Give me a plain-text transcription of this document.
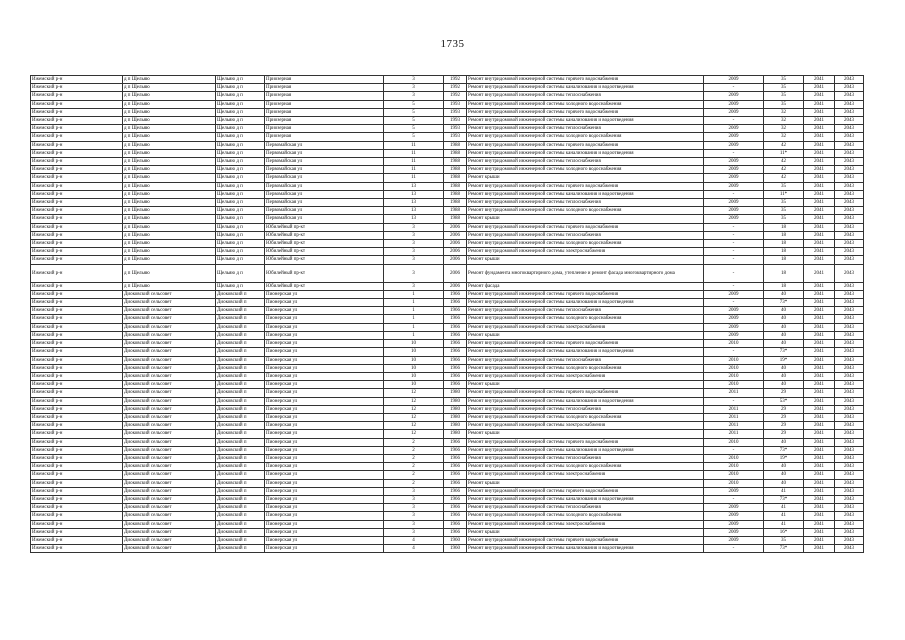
1735
Ижемский р-н	д п Щельяю	Щельяю д п	Приозерная	3	1992	Ремонт внутридомовой инженерной системы горячего водоснабжения	2009	35	2041	2043
Ижемский р-н	д п Щельяю	Щельяю д п	Приозерная	3	1992	Ремонт внутридомовой инженерной системы канализования и водоотведения	-	35	2041	2043
Ижемский р-н	д п Щельяю	Щельяю д п	Приозерная	3	1992	Ремонт внутридомовой инженерной системы теплоснабжения	2009	35	2041	2043
Ижемский р-н	д п Щельяю	Щельяю д п	Приозерная	5	1993	Ремонт внутридомовой инженерной системы холодного водоснабжения	2009	35	2041	2043
Ижемский р-н	д п Щельяю	Щельяю д п	Приозерная	5	1993	Ремонт внутридомовой инженерной системы горячего водоснабжения	2009	32	2041	2043
Ижемский р-н	д п Щельяю	Щельяю д п	Приозерная	5	1993	Ремонт внутридомовой инженерной системы канализования и водоотведения	-	32	2041	2043
Ижемский р-н	д п Щельяю	Щельяю д п	Приозерная	5	1993	Ремонт внутридомовой инженерной системы теплоснабжения	2009	32	2041	2043
Ижемский р-н	д п Щельяю	Щельяю д п	Приозерная	5	1993	Ремонт внутридомовой инженерной системы холодного водоснабжения	2009	32	2041	2043
Ижемский р-н	д п Щельяю	Щельяю д п	Первомайская ул	11	1988	Ремонт внутридомовой инженерной системы горячего водоснабжения	2009	42	2041	2043
Ижемский р-н	д п Щельяю	Щельяю д п	Первомайская ул	11	1988	Ремонт внутридомовой инженерной системы канализования и водоотведения	-	11*	2041	2043
Ижемский р-н	д п Щельяю	Щельяю д п	Первомайская ул	11	1988	Ремонт внутридомовой инженерной системы теплоснабжения	2009	42	2041	2043
Ижемский р-н	д п Щельяю	Щельяю д п	Первомайская ул	11	1988	Ремонт внутридомовой инженерной системы холодного водоснабжения	2009	42	2041	2043
Ижемский р-н	д п Щельяю	Щельяю д п	Первомайская ул	11	1988	Ремонт крыши	2009	42	2041	2043
Ижемский р-н	д п Щельяю	Щельяю д п	Первомайская ул	13	1988	Ремонт внутридомовой инженерной системы горячего водоснабжения	2009	35	2041	2043
Ижемский р-н	д п Щельяю	Щельяю д п	Первомайская ул	13	1988	Ремонт внутридомовой инженерной системы канализования и водоотведения	-	11*	2041	2043
Ижемский р-н	д п Щельяю	Щельяю д п	Первомайская ул	13	1988	Ремонт внутридомовой инженерной системы теплоснабжения	2009	35	2041	2043
Ижемский р-н	д п Щельяю	Щельяю д п	Первомайская ул	13	1988	Ремонт внутридомовой инженерной системы холодного водоснабжения	2009	35	2041	2043
Ижемский р-н	д п Щельяю	Щельяю д п	Первомайская ул	13	1988	Ремонт крыши	2009	35	2041	2043
Ижемский р-н	д п Щельяю	Щельяю д п	Юбилейный пр-кт	3	2006	Ремонт внутридомовой инженерной системы горячего водоснабжения	-	18	2041	2043
Ижемский р-н	д п Щельяю	Щельяю д п	Юбилейный пр-кт	3	2006	Ремонт внутридомовой инженерной системы теплоснабжения	-	18	2041	2043
Ижемский р-н	д п Щельяю	Щельяю д п	Юбилейный пр-кт	3	2006	Ремонт внутридомовой инженерной системы холодного водоснабжения	-	18	2041	2043
Ижемский р-н	д п Щельяю	Щельяю д п	Юбилейный пр-кт	3	2006	Ремонт внутридомовой инженерной системы электроснабжения	-	18	2041	2043
Ижемский р-н	д п Щельяю	Щельяю д п	Юбилейный пр-кт	3	2006	Ремонт крыши	-	18	2041	2043
Ижемский р-н	д п Щельяю	Щельяю д п	Юбилейный пр-кт	3	2006	Ремонт фундамента многоквартирного дома, утепление и ремонт фасада многоквартирного дома	-	18	2041	2043
Ижемский р-н	д п Щельяю	Щельяю д п	Юбилейный пр-кт	3	2006	Ремонт фасада	-	18	2041	2043
Ижемский р-н	Диоковский сельсовет	Диоковский п	Пионерская ул	1	1966	Ремонт внутридомовой инженерной системы горячего водоснабжения	2009	40	2041	2043
Ижемский р-н	Диоковский сельсовет	Диоковский п	Пионерская ул	1	1966	Ремонт внутридомовой инженерной системы канализования и водоотведения	-	73*	2041	2043
Ижемский р-н	Диоковский сельсовет	Диоковский п	Пионерская ул	1	1966	Ремонт внутридомовой инженерной системы теплоснабжения	2009	40	2041	2043
Ижемский р-н	Диоковский сельсовет	Диоковский п	Пионерская ул	1	1966	Ремонт внутридомовой инженерной системы холодного водоснабжения	2009	40	2041	2043
Ижемский р-н	Диоковский сельсовет	Диоковский п	Пионерская ул	1	1966	Ремонт внутридомовой инженерной системы электроснабжения	2009	40	2041	2043
Ижемский р-н	Диоковский сельсовет	Диоковский п	Пионерская ул	1	1966	Ремонт крыши	2009	40	2041	2043
Ижемский р-н	Диоковский сельсовет	Диоковский п	Пионерская ул	10	1966	Ремонт внутридомовой инженерной системы горячего водоснабжения	2010	40	2041	2043
Ижемский р-н	Диоковский сельсовет	Диоковский п	Пионерская ул	10	1966	Ремонт внутридомовой инженерной системы канализования и водоотведения	-	73*	2041	2043
Ижемский р-н	Диоковский сельсовет	Диоковский п	Пионерская ул	10	1966	Ремонт внутридомовой инженерной системы теплоснабжения	2010	19*	2041	2043
Ижемский р-н	Диоковский сельсовет	Диоковский п	Пионерская ул	10	1966	Ремонт внутридомовой инженерной системы холодного водоснабжения	2010	40	2041	2043
Ижемский р-н	Диоковский сельсовет	Диоковский п	Пионерская ул	10	1966	Ремонт внутридомовой инженерной системы электроснабжения	2010	40	2041	2043
Ижемский р-н	Диоковский сельсовет	Диоковский п	Пионерская ул	10	1966	Ремонт крыши	2010	40	2041	2043
Ижемский р-н	Диоковский сельсовет	Диоковский п	Пионерская ул	12	1980	Ремонт внутридомовой инженерной системы горячего водоснабжения	2011	29	2041	2043
Ижемский р-н	Диоковский сельсовет	Диоковский п	Пионерская ул	12	1980	Ремонт внутридомовой инженерной системы канализования и водоотведения	-	53*	2041	2043
Ижемский р-н	Диоковский сельсовет	Диоковский п	Пионерская ул	12	1980	Ремонт внутридомовой инженерной системы теплоснабжения	2011	29	2041	2043
Ижемский р-н	Диоковский сельсовет	Диоковский п	Пионерская ул	12	1980	Ремонт внутридомовой инженерной системы холодного водоснабжения	2011	29	2041	2043
Ижемский р-н	Диоковский сельсовет	Диоковский п	Пионерская ул	12	1980	Ремонт внутридомовой инженерной системы электроснабжения	2011	29	2041	2043
Ижемский р-н	Диоковский сельсовет	Диоковский п	Пионерская ул	12	1980	Ремонт крыши	2011	29	2041	2043
Ижемский р-н	Диоковский сельсовет	Диоковский п	Пионерская ул	2	1966	Ремонт внутридомовой инженерной системы горячего водоснабжения	2010	40	2041	2043
Ижемский р-н	Диоковский сельсовет	Диоковский п	Пионерская ул	2	1966	Ремонт внутридомовой инженерной системы канализования и водоотведения	-	73*	2041	2043
Ижемский р-н	Диоковский сельсовет	Диоковский п	Пионерская ул	2	1966	Ремонт внутридомовой инженерной системы теплоснабжения	2010	19*	2041	2043
Ижемский р-н	Диоковский сельсовет	Диоковский п	Пионерская ул	2	1966	Ремонт внутридомовой инженерной системы холодного водоснабжения	2010	40	2041	2043
Ижемский р-н	Диоковский сельсовет	Диоковский п	Пионерская ул	2	1966	Ремонт внутридомовой инженерной системы электроснабжения	2010	40	2041	2043
Ижемский р-н	Диоковский сельсовет	Диоковский п	Пионерская ул	2	1966	Ремонт крыши	2010	40	2041	2043
Ижемский р-н	Диоковский сельсовет	Диоковский п	Пионерская ул	3	1966	Ремонт внутридомовой инженерной системы горячего водоснабжения	2009	41	2041	2043
Ижемский р-н	Диоковский сельсовет	Диоковский п	Пионерская ул	3	1966	Ремонт внутридомовой инженерной системы канализования и водоотведения	-	73*	2041	2043
Ижемский р-н	Диоковский сельсовет	Диоковский п	Пионерская ул	3	1966	Ремонт внутридомовой инженерной системы теплоснабжения	2009	41	2041	2043
Ижемский р-н	Диоковский сельсовет	Диоковский п	Пионерская ул	3	1966	Ремонт внутридомовой инженерной системы холодного водоснабжения	2009	41	2041	2043
Ижемский р-н	Диоковский сельсовет	Диоковский п	Пионерская ул	3	1966	Ремонт внутридомовой инженерной системы электроснабжения	2009	41	2041	2043
Ижемский р-н	Диоковский сельсовет	Диоковский п	Пионерская ул	3	1966	Ремонт крыши	2009	16*	2041	2043
Ижемский р-н	Диоковский сельсовет	Диоковский п	Пионерская ул	4	1960	Ремонт внутридомовой инженерной системы горячего водоснабжения	2009	35	2041	2043
Ижемский р-н	Диоковский сельсовет	Диоковский п	Пионерская ул	4	1960	Ремонт внутридомовой инженерной системы канализования и водоотведения	-	73*	2041	2043
